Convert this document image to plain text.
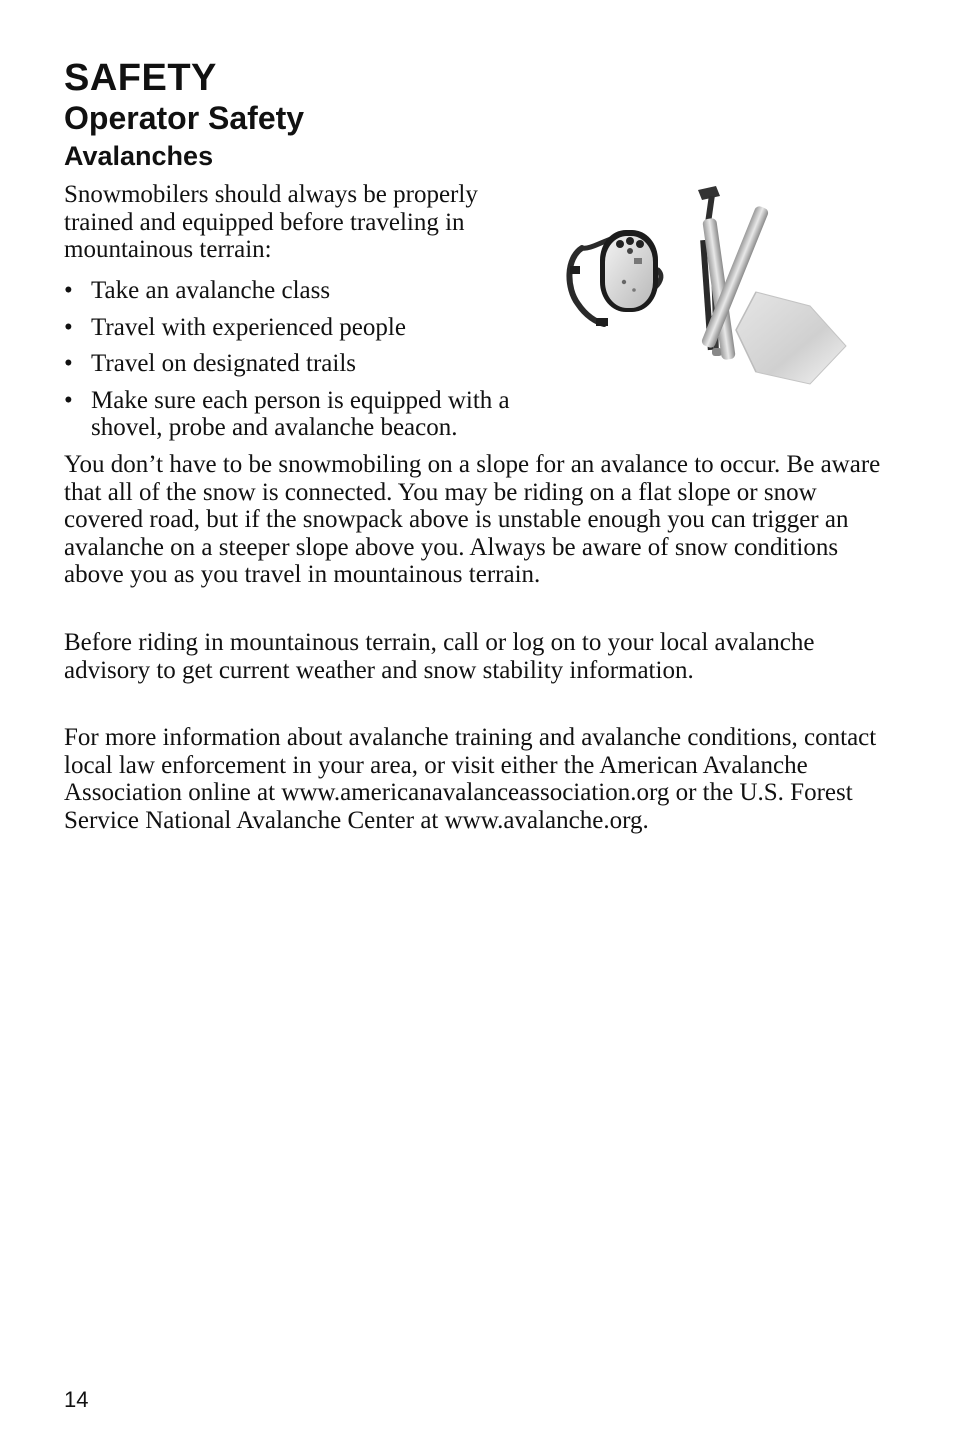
SAFETY
Operator Safety
Avalanches

Snowmobilers should always be properly trained and equipped before traveling in mountainous terrain:

• Take an avalanche class
• Travel with experienced people
• Travel on designated trails
• Make sure each person is equipped with a shovel, probe and avalanche beacon.

You don’t have to be snowmobiling on a slope for an avalance to occur. Be aware that all of the snow is connected. You may be riding on a flat slope or snow covered road, but if the snowpack above is unstable enough you can trigger an avalanche on a steeper slope above you. Always be aware of snow conditions above you as you travel in mountainous terrain.

Before riding in mountainous terrain, call or log on to your local avalanche advisory to get current weather and snow stability information.

For more information about avalanche training and avalanche conditions, contact local law enforcement in your area, or visit either the American Avalanche Association online at www.americanavalanceassociation.org or the U.S. Forest Service National Avalanche Center at www.avalanche.org.

14
